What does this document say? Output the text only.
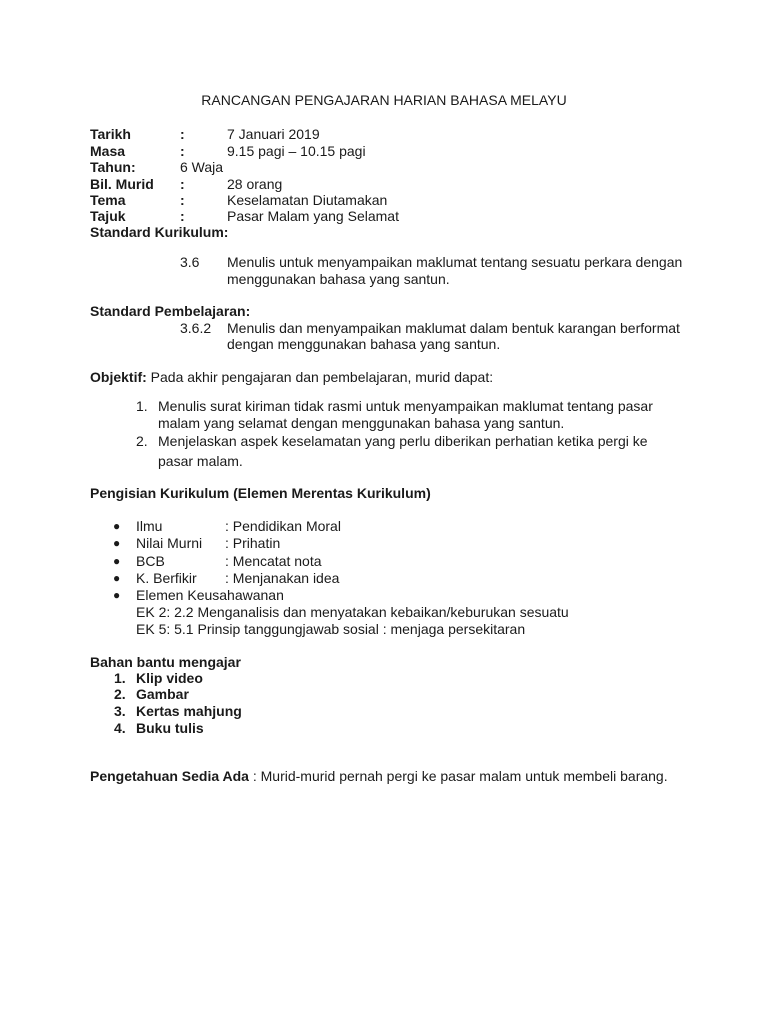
RANCANGAN PENGAJARAN HARIAN BAHASA MELAYU
Tarikh	:	7 Januari 2019
Masa	:	9.15 pagi – 10.15 pagi
Tahun:	6 Waja
Bil. Murid :	28 orang
Tema	:	Keselamatan Diutamakan
Tajuk	:	Pasar Malam yang Selamat
Standard Kurikulum:
3.6 Menulis untuk menyampaikan maklumat tentang sesuatu perkara dengan
menggunakan bahasa yang santun.
Standard Pembelajaran:
3.6.2 Menulis dan menyampaikan maklumat dalam bentuk karangan berformat
dengan menggunakan bahasa yang santun.
Objektif: Pada akhir pengajaran dan pembelajaran, murid dapat:
1. Menulis surat kiriman tidak rasmi untuk menyampaikan maklumat tentang pasar
malam yang selamat dengan menggunakan bahasa yang santun.
2. Menjelaskan aspek keselamatan yang perlu diberikan perhatian ketika pergi ke
pasar malam.
Pengisian Kurikulum (Elemen Merentas Kurikulum)
● Ilmu	: Pendidikan Moral
● Nilai Murni : Prihatin
● BCB	: Mencatat nota
● K. Berfikir : Menjanakan idea
● Elemen Keusahawanan
EK 2: 2.2 Menganalisis dan menyatakan kebaikan/keburukan sesuatu
EK 5: 5.1 Prinsip tanggungjawab sosial : menjaga persekitaran
Bahan bantu mengajar
1. Klip video
2. Gambar
3. Kertas mahjung
4. Buku tulis
Pengetahuan Sedia Ada : Murid-murid pernah pergi ke pasar malam untuk membeli barang.
